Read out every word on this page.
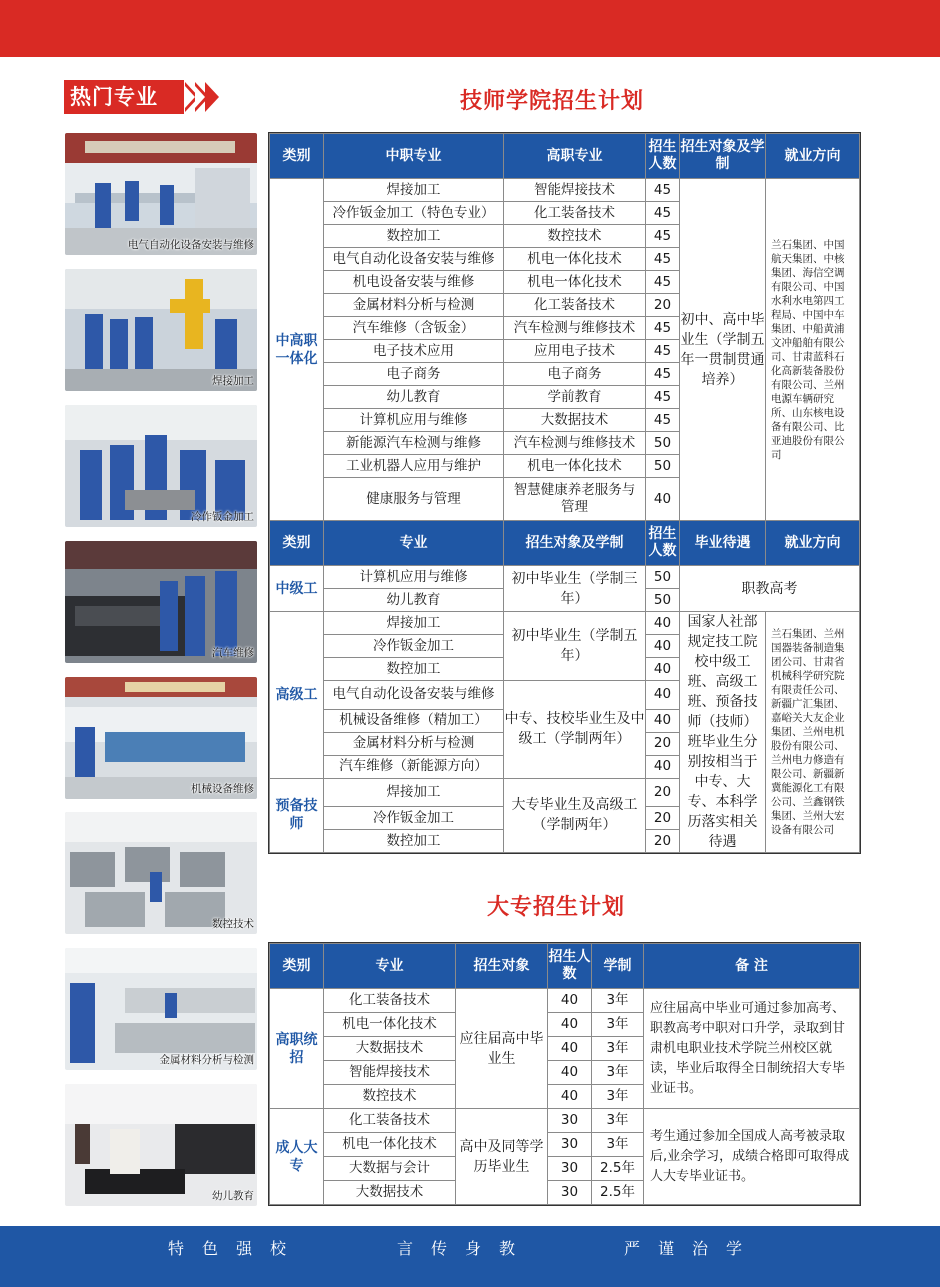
热门专业	技师学院招生计划
大专招生计划
电气自动化设备安装与维修
焊接加工
冷作钣金加工
汽车维修
机械设备维修
数控技术
金属材料分析与检测
幼儿教育
类别	中职专业	高职专业	招生人数	招生对象及学制	就业方向
中高职一体化	焊接加工	智能焊接技术	45	初中、高中毕业生（学制五年一贯制贯通培养）	兰石集团、中国航天集团、中核集团、海信空调有限公司、中国水利水电第四工程局、中国中车集团、中船黄浦文冲船舶有限公司、甘肃蓝科石化高新装备股份有限公司、兰州电源车辆研究所、山东核电设备有限公司、比亚迪股份有限公司
	冷作钣金加工（特色专业）	化工装备技术	45		
	数控加工	数控技术	45		
	电气自动化设备安装与维修	机电一体化技术	45		
	机电设备安装与维修	机电一体化技术	45		
	金属材料分析与检测	化工装备技术	20		
	汽车维修（含钣金）	汽车检测与维修技术	45		
	电子技术应用	应用电子技术	45		
	电子商务	电子商务	45		
	幼儿教育	学前教育	45		
	计算机应用与维修	大数据技术	45		
	新能源汽车检测与维修	汽车检测与维修技术	50		
	工业机器人应用与维护	机电一体化技术	50		
	健康服务与管理	智慧健康养老服务与管理	40		
类别	专业	招生对象及学制	招生人数	毕业待遇	就业方向
中级工	计算机应用与维修	初中毕业生（学制三年）	50	职教高考	
	幼儿教育		50		
高级工	焊接加工	初中毕业生（学制五年）	40	国家人社部规定技工院校中级工班、高级工班、预备技师（技师）班毕业生分别按相当于中专、大专、本科学历落实相关待遇	兰石集团、兰州国器装备制造集团公司、甘肃省机械科学研究院有限责任公司、新疆广汇集团、嘉峪关大友企业集团、兰州电机股份有限公司、兰州电力修造有限公司、新疆新冀能源化工有限公司、兰鑫钢铁集团、兰州大宏设备有限公司
	冷作钣金加工		40		
	数控加工		40		
	电气自动化设备安装与维修	中专、技校毕业生及中级工（学制两年）	40		
	机械设备维修（精加工）		40		
	金属材料分析与检测		20		
	汽车维修（新能源方向）		40		
预备技师	焊接加工	大专毕业生及高级工（学制两年）	20		
	冷作钣金加工		20		
	数控加工		20		
类别	专业	招生对象	招生人数	学制	备 注
高职统招	化工装备技术	应往届高中毕业生	40	3年	应往届高中毕业可通过参加高考、职教高考中职对口升学，录取到甘肃机电职业技术学院兰州校区就读，毕业后取得全日制统招大专毕业证书。
	机电一体化技术		40	3年	
	大数据技术		40	3年	
	智能焊接技术		40	3年	
	数控技术		40	3年	
成人大专	化工装备技术	高中及同等学历毕业生	30	3年	考生通过参加全国成人高考被录取后,业余学习，成绩合格即可取得成人大专毕业证书。
	机电一体化技术		30	3年	
	大数据与会计		30	2.5年	
	大数据技术		30	2.5年	
特色强校	言传身教	严谨治学
